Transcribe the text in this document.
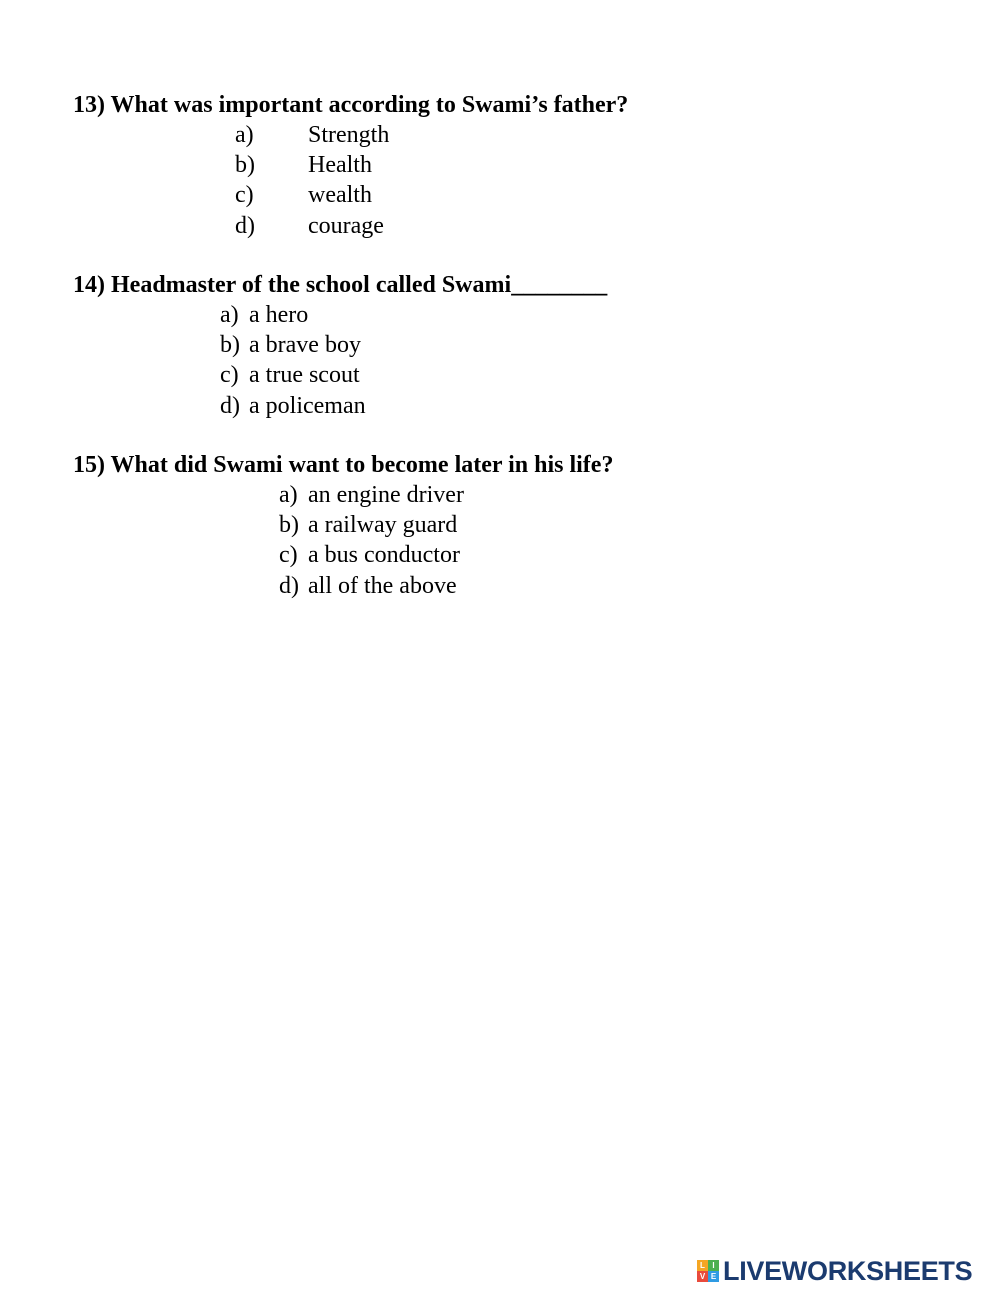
13) What was important according to Swami’s father?
a) Strength
b) Health
c) wealth
d) courage
14) Headmaster of the school called Swami________
a) a hero
b) a brave boy
c) a true scout
d) a policeman
15) What did Swami want to become later in his life?
a) an engine driver
b) a railway guard
c) a bus conductor
d) all of the above
L I
V E LIVEWORKSHEETS
